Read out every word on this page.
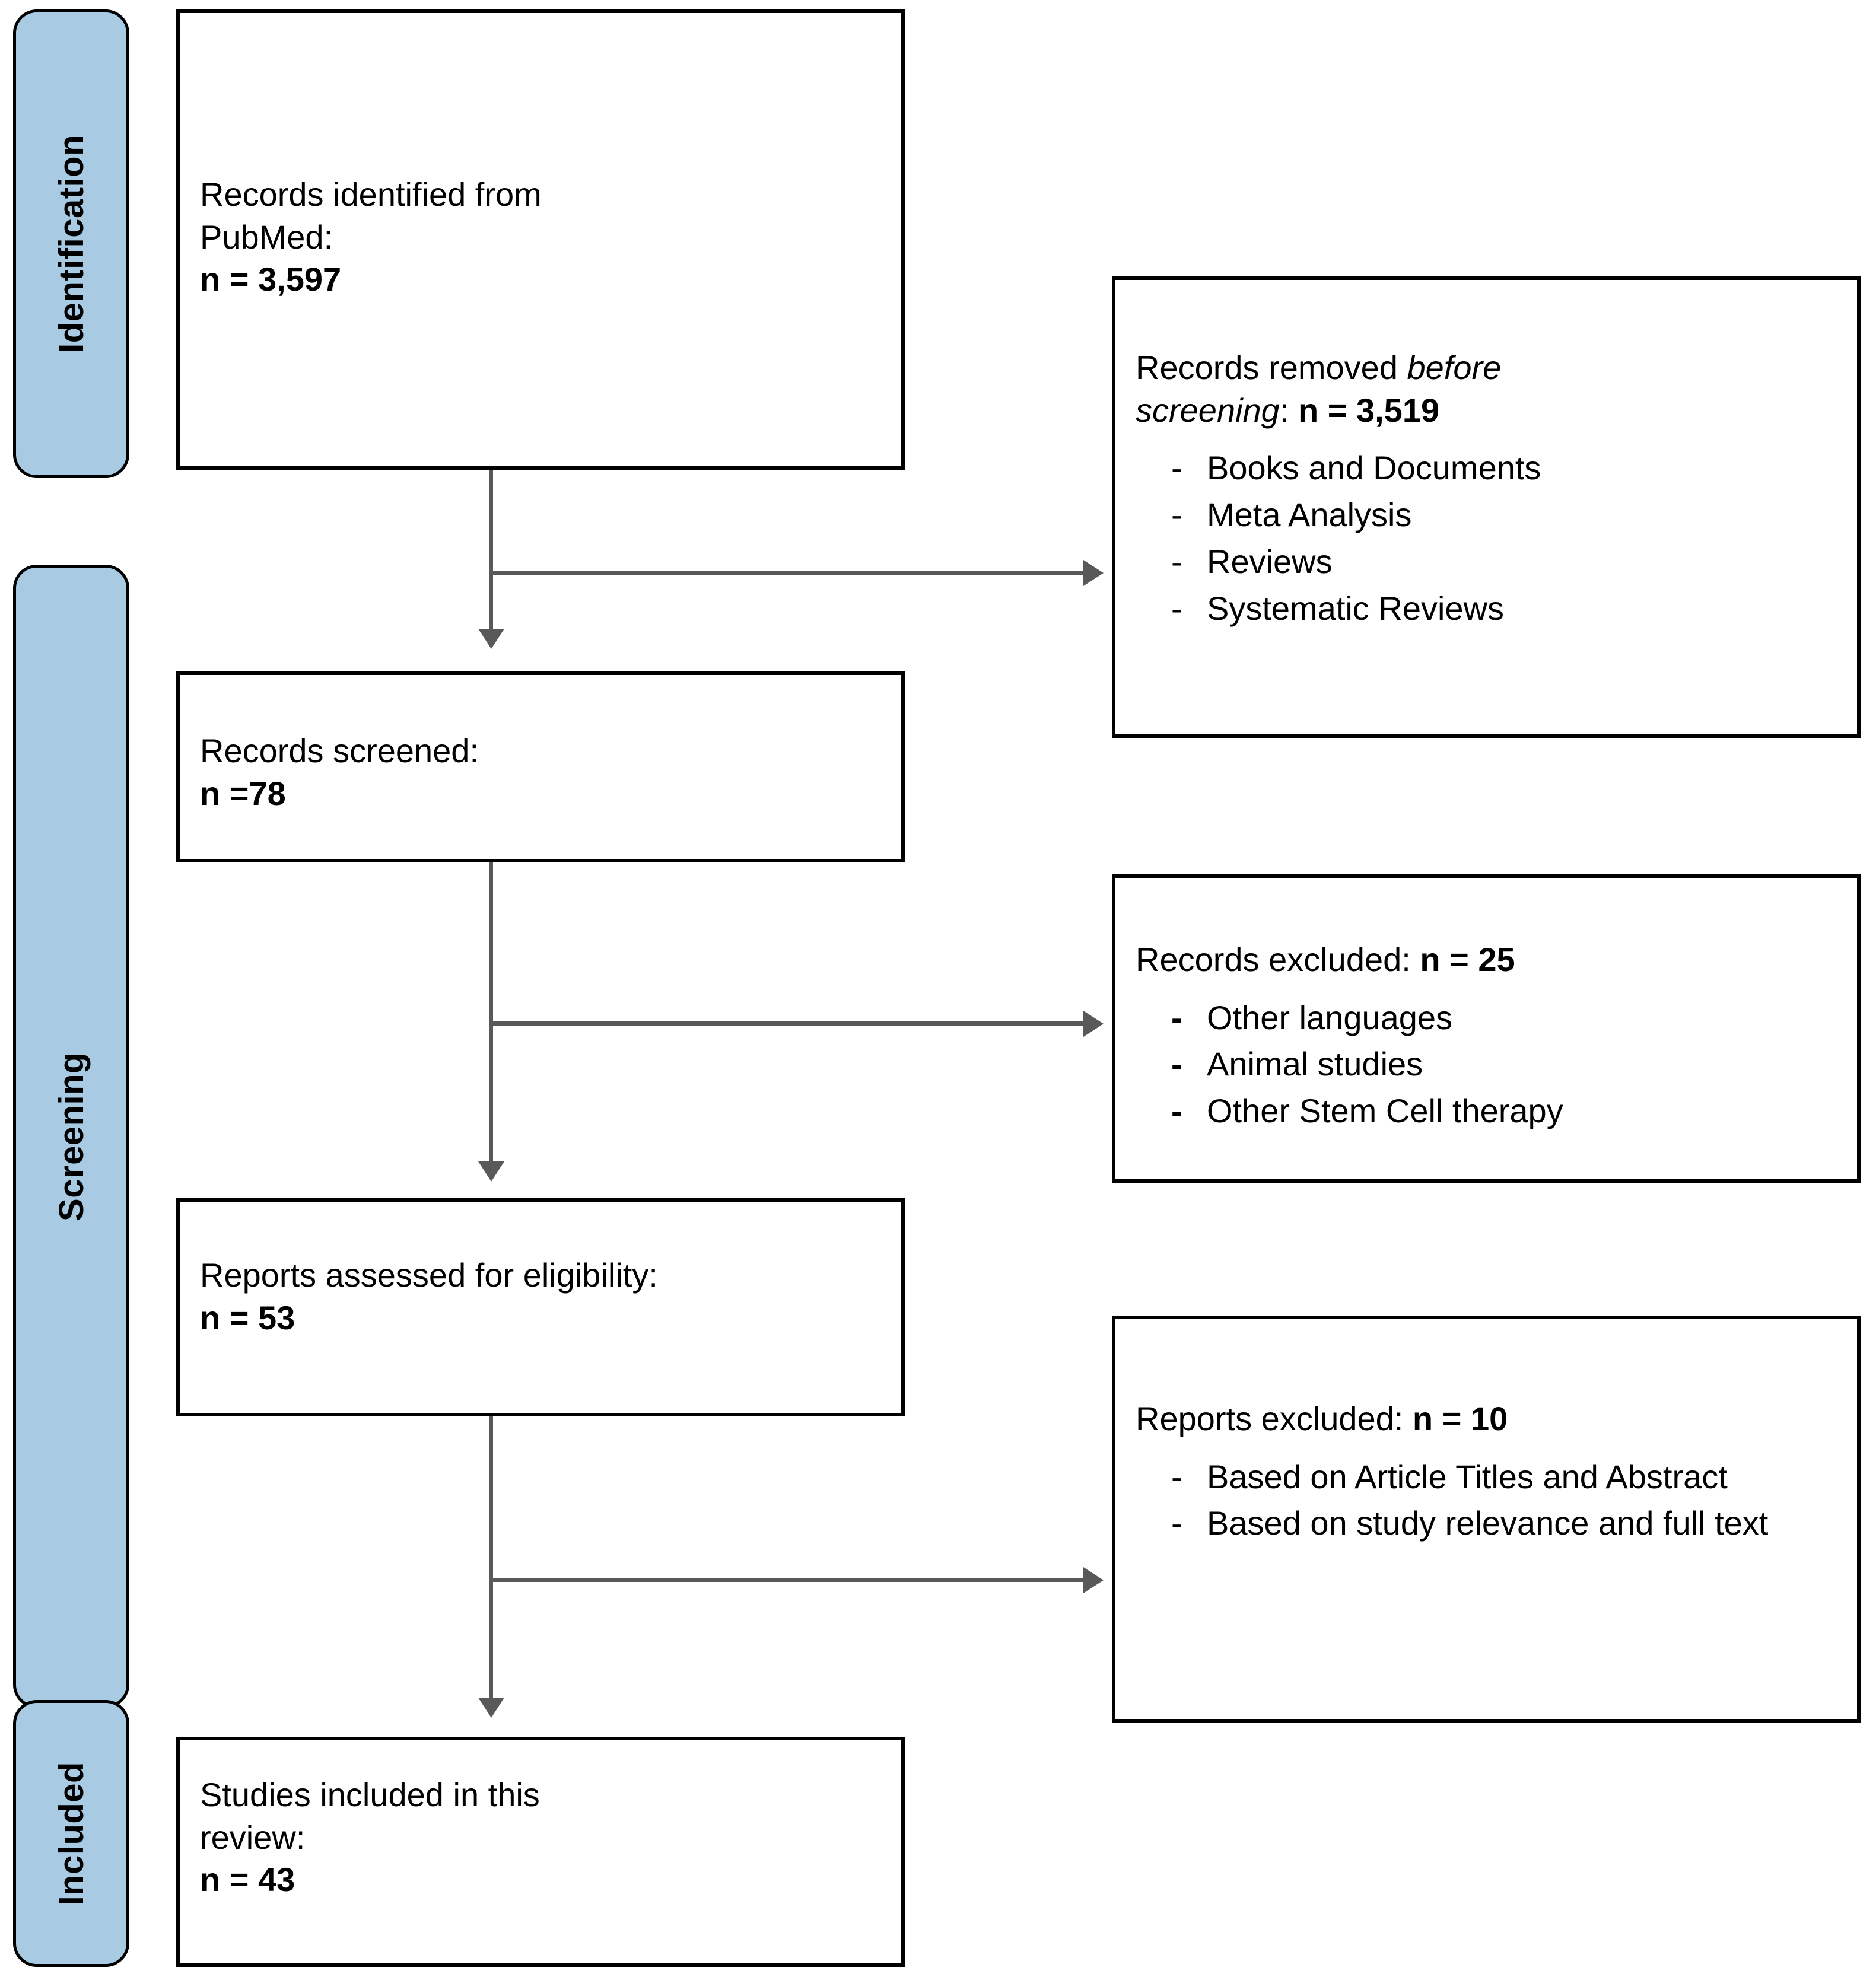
Identification
Screening
Included
Records identified from
PubMed:
n = 3,597
Records removed before
screening: n = 3,519
- Books and Documents
- Meta Analysis
- Reviews
- Systematic Reviews
Records screened:
n =78
Records excluded: n = 25
- Other languages
- Animal studies
- Other Stem Cell therapy
Reports assessed for eligibility:
n = 53
Reports excluded: n = 10
- Based on Article Titles and Abstract
- Based on study relevance and full text
Studies included in this
review:
n = 43
